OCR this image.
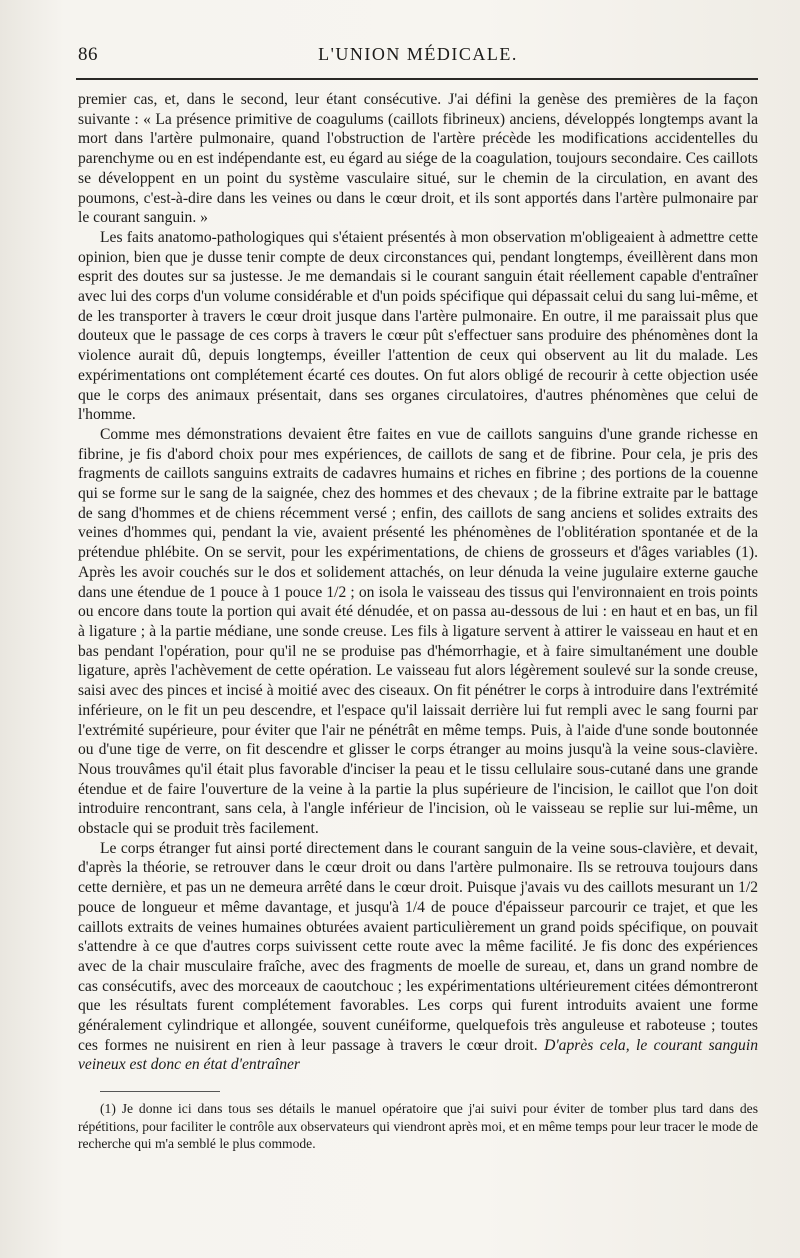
86	L'UNION MÉDICALE.

premier cas, et, dans le second, leur étant consécutive. J'ai défini la genèse des premières de la façon suivante : « La présence primitive de coagulums (caillots fibrineux) anciens, développés longtemps avant la mort dans l'artère pulmonaire, quand l'obstruction de l'artère précède les modifications accidentelles du parenchyme ou en est indépendante est, eu égard au siége de la coagulation, toujours secondaire. Ces caillots se développent en un point du système vasculaire situé, sur le chemin de la circulation, en avant des poumons, c'est-à-dire dans les veines ou dans le cœur droit, et ils sont apportés dans l'artère pulmonaire par le courant sanguin. »

Les faits anatomo-pathologiques qui s'étaient présentés à mon observation m'obligeaient à admettre cette opinion, bien que je dusse tenir compte de deux circonstances qui, pendant longtemps, éveillèrent dans mon esprit des doutes sur sa justesse. Je me demandais si le courant sanguin était réellement capable d'entraîner avec lui des corps d'un volume considérable et d'un poids spécifique qui dépassait celui du sang lui-même, et de les transporter à travers le cœur droit jusque dans l'artère pulmonaire. En outre, il me paraissait plus que douteux que le passage de ces corps à travers le cœur pût s'effectuer sans produire des phénomènes dont la violence aurait dû, depuis longtemps, éveiller l'attention de ceux qui observent au lit du malade. Les expérimentations ont complétement écarté ces doutes. On fut alors obligé de recourir à cette objection usée que le corps des animaux présentait, dans ses organes circulatoires, d'autres phénomènes que celui de l'homme.

Comme mes démonstrations devaient être faites en vue de caillots sanguins d'une grande richesse en fibrine, je fis d'abord choix pour mes expériences, de caillots de sang et de fibrine. Pour cela, je pris des fragments de caillots sanguins extraits de cadavres humains et riches en fibrine ; des portions de la couenne qui se forme sur le sang de la saignée, chez des hommes et des chevaux ; de la fibrine extraite par le battage de sang d'hommes et de chiens récemment versé ; enfin, des caillots de sang anciens et solides extraits des veines d'hommes qui, pendant la vie, avaient présenté les phénomènes de l'oblitération spontanée et de la prétendue phlébite. On se servit, pour les expérimentations, de chiens de grosseurs et d'âges variables (1). Après les avoir couchés sur le dos et solidement attachés, on leur dénuda la veine jugulaire externe gauche dans une étendue de 1 pouce à 1 pouce 1/2 ; on isola le vaisseau des tissus qui l'environnaient en trois points ou encore dans toute la portion qui avait été dénudée, et on passa au-dessous de lui : en haut et en bas, un fil à ligature ; à la partie médiane, une sonde creuse. Les fils à ligature servent à attirer le vaisseau en haut et en bas pendant l'opération, pour qu'il ne se produise pas d'hémorrhagie, et à faire simultanément une double ligature, après l'achèvement de cette opération. Le vaisseau fut alors légèrement soulevé sur la sonde creuse, saisi avec des pinces et incisé à moitié avec des ciseaux. On fit pénétrer le corps à introduire dans l'extrémité inférieure, on le fit un peu descendre, et l'espace qu'il laissait derrière lui fut rempli avec le sang fourni par l'extrémité supérieure, pour éviter que l'air ne pénétrât en même temps. Puis, à l'aide d'une sonde boutonnée ou d'une tige de verre, on fit descendre et glisser le corps étranger au moins jusqu'à la veine sous-clavière. Nous trouvâmes qu'il était plus favorable d'inciser la peau et le tissu cellulaire sous-cutané dans une grande étendue et de faire l'ouverture de la veine à la partie la plus supérieure de l'incision, le caillot que l'on doit introduire rencontrant, sans cela, à l'angle inférieur de l'incision, où le vaisseau se replie sur lui-même, un obstacle qui se produit très facilement.

Le corps étranger fut ainsi porté directement dans le courant sanguin de la veine sous-clavière, et devait, d'après la théorie, se retrouver dans le cœur droit ou dans l'artère pulmonaire. Ils se retrouva toujours dans cette dernière, et pas un ne demeura arrêté dans le cœur droit. Puisque j'avais vu des caillots mesurant un 1/2 pouce de longueur et même davantage, et jusqu'à 1/4 de pouce d'épaisseur parcourir ce trajet, et que les caillots extraits de veines humaines obturées avaient particulièrement un grand poids spécifique, on pouvait s'attendre à ce que d'autres corps suivissent cette route avec la même facilité. Je fis donc des expériences avec de la chair musculaire fraîche, avec des fragments de moelle de sureau, et, dans un grand nombre de cas consécutifs, avec des morceaux de caoutchouc ; les expérimentations ultérieurement citées démontreront que les résultats furent complétement favorables. Les corps qui furent introduits avaient une forme généralement cylindrique et allongée, souvent cunéiforme, quelquefois très anguleuse et raboteuse ; toutes ces formes ne nuisirent en rien à leur passage à travers le cœur droit. D'après cela, le courant sanguin veineux est donc en état d'entraîner

(1) Je donne ici dans tous ses détails le manuel opératoire que j'ai suivi pour éviter de tomber plus tard dans des répétitions, pour faciliter le contrôle aux observateurs qui viendront après moi, et en même temps pour leur tracer le mode de recherche qui m'a semblé le plus commode.
